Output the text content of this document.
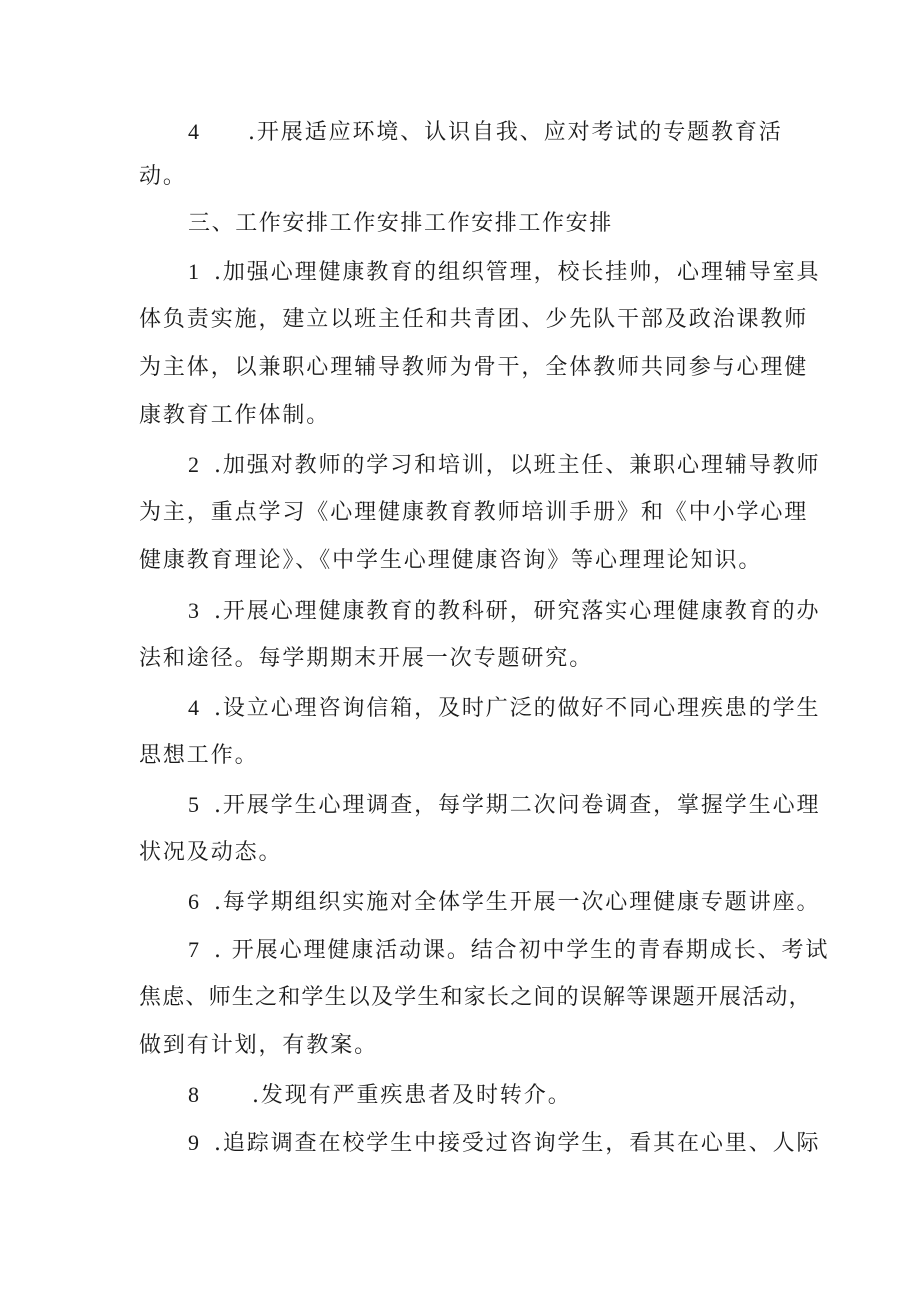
4 .开展适应环境、认识自我、应对考试的专题教育活
动。
三、工作安排工作安排工作安排工作安排
1 .加强心理健康教育的组织管理，校长挂帅，心理辅导室具
体负责实施，建立以班主任和共青团、少先队干部及政治课教师
为主体，以兼职心理辅导教师为骨干，全体教师共同参与心理健
康教育工作体制。
2 .加强对教师的学习和培训，以班主任、兼职心理辅导教师
为主，重点学习《心理健康教育教师培训手册》和《中小学心理
健康教育理论》、《中学生心理健康咨询》等心理理论知识。
3 .开展心理健康教育的教科研，研究落实心理健康教育的办
法和途径。每学期期末开展一次专题研究。
4 .设立心理咨询信箱，及时广泛的做好不同心理疾患的学生
思想工作。
5 .开展学生心理调查，每学期二次问卷调查，掌握学生心理
状况及动态。
6 .每学期组织实施对全体学生开展一次心理健康专题讲座。
7 . 开展心理健康活动课。结合初中学生的青春期成长、考试
焦虑、师生之和学生以及学生和家长之间的误解等课题开展活动，
做到有计划，有教案。
8 .发现有严重疾患者及时转介。
9 .追踪调查在校学生中接受过咨询学生，看其在心里、人际
